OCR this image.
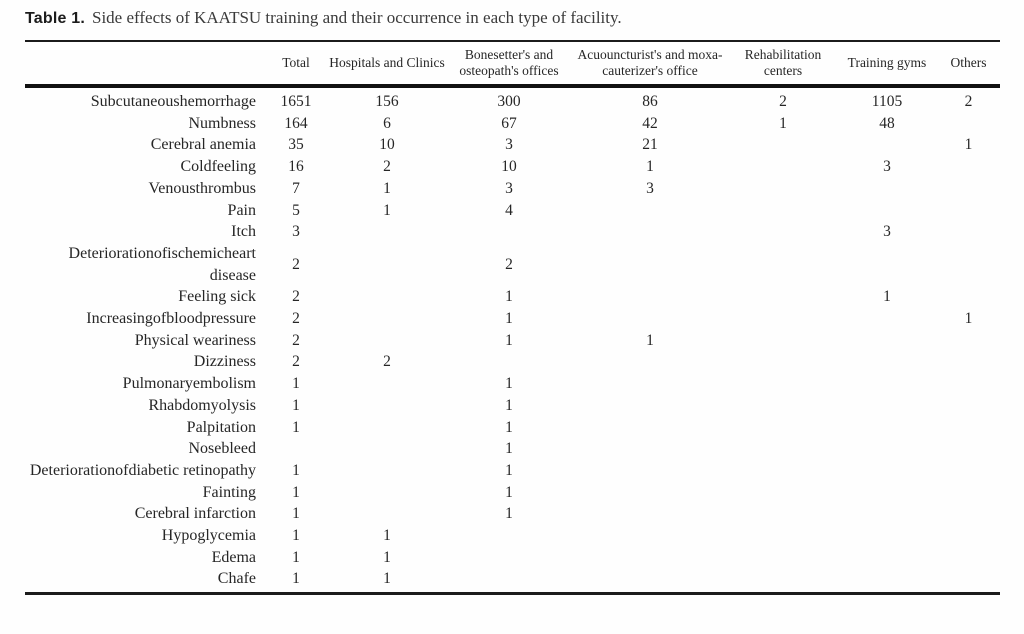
Table 1. Side effects of KAATSU training and their occurrence in each type of facility.

	Total	Hospitals and Clinics	Bonesetter's and osteopath's offices	Acuouncturist's and moxa-cauterizer's office	Rehabilitation centers	Training gyms	Others
Subcutaneoushemorrhage	1651	156	300	86	2	1105	2
Numbness	164	6	67	42	1	48	
Cerebral anemia	35	10	3	21			1
Coldfeeling	16	2	10	1		3	
Venousthrombus	7	1	3	3			
Pain	5	1	4				
Itch	3					3	
Deteriorationofischemicheart disease	2		2				
Feeling sick	2		1			1	
Increasingofbloodpressure	2		1				1
Physical weariness	2		1	1			
Dizziness	2	2					
Pulmonaryembolism	1		1				
Rhabdomyolysis	1		1				
Palpitation	1		1				
Nosebleed			1				
Deteriorationofdiabetic retinopathy	1		1				
Fainting	1		1				
Cerebral infarction	1		1				
Hypoglycemia	1	1					
Edema	1	1					
Chafe	1	1					
